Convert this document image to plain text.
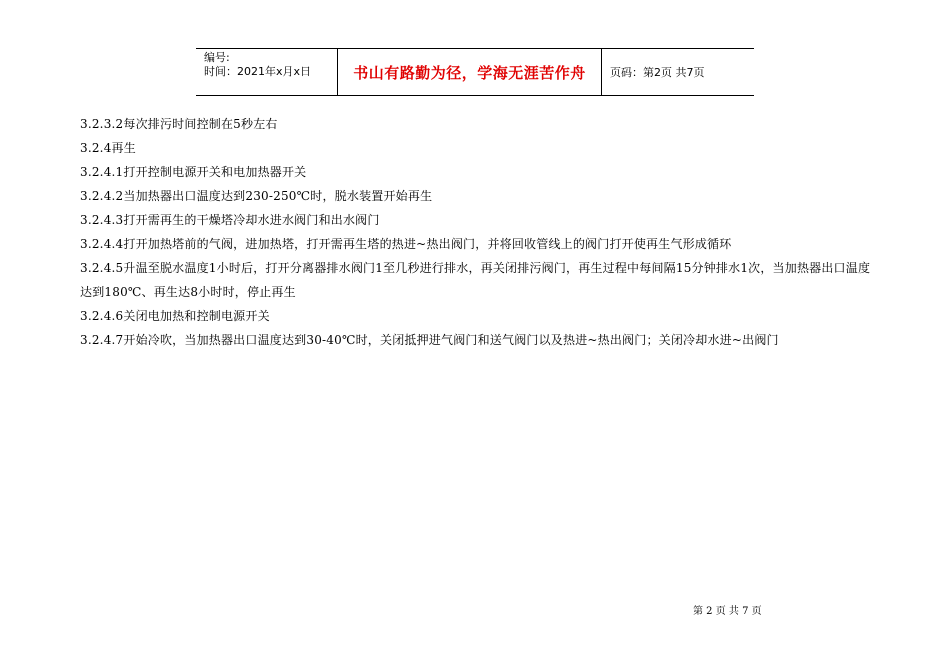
编号:
时间：2021年x月x日	书山有路勤为径，学海无涯苦作舟 页码：第2页 共7页

3.2.3.2每次排污时间控制在5秒左右

3.2.4再生

3.2.4.1打开控制电源开关和电加热器开关

3.2.4.2当加热器出口温度达到230-250℃时，脱水装置开始再生

3.2.4.3打开需再生的干燥塔冷却水进水阀门和出水阀门

3.2.4.4打开加热塔前的气阀，进加热塔，打开需再生塔的热进~热出阀门，并将回收管线上的阀门打开使再生气形成循环

3.2.4.5升温至脱水温度1小时后，打开分离器排水阀门1至几秒进行排水，再关闭排污阀门，再生过程中每间隔15分钟排水1次，当加热器出口温度达到180℃、再生达8小时时，停止再生

3.2.4.6关闭电加热和控制电源开关

3.2.4.7开始冷吹，当加热器出口温度达到30-40℃时，关闭抵押进气阀门和送气阀门以及热进~热出阀门；关闭冷却水进~出阀门

第 2 页 共 7 页
